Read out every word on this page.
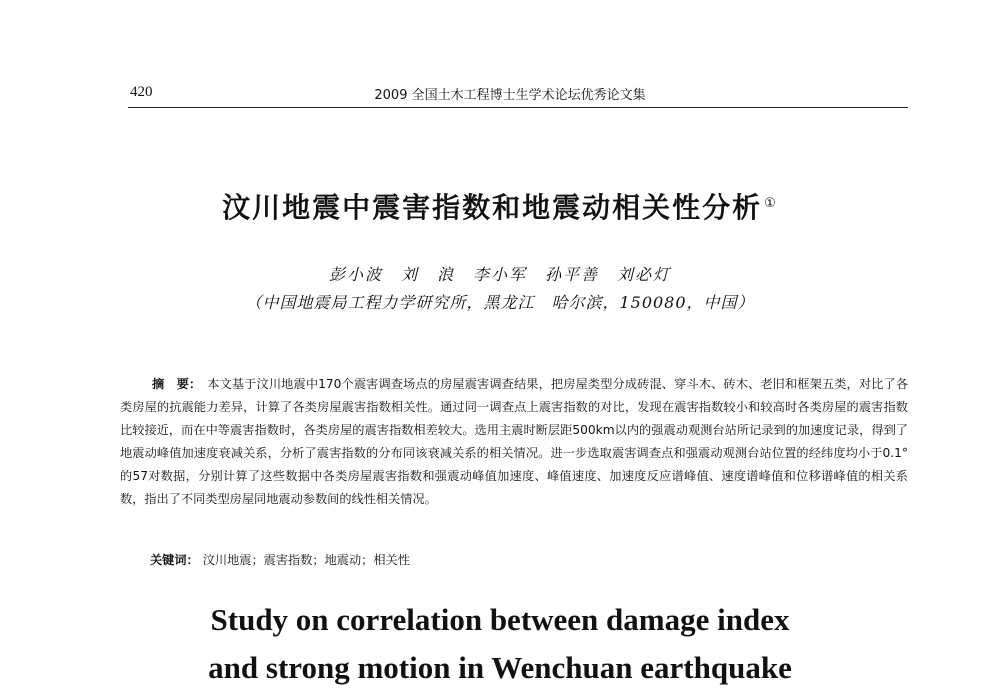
420	2009 全国土木工程博士生学术论坛优秀论文集
汶川地震中震害指数和地震动相关性分析 ①
彭小波　刘　浪　李小军　孙平善　刘必灯
（中国地震局工程力学研究所，黑龙江　哈尔滨，150080，中国）
摘　要： 本文基于汶川地震中170个震害调查场点的房屋震害调查结果，把房屋类型分成砖混、穿斗木、砖木、老旧和框架五类，对比了各类房屋的抗震能力差异，计算了各类房屋震害指数相关性。通过同一调查点上震害指数的对比，发现在震害指数较小和较高时各类房屋的震害指数比较接近，而在中等震害指数时，各类房屋的震害指数相差较大。选用主震时断层距500km以内的强震动观测台站所记录到的加速度记录，得到了地震动峰值加速度衰减关系，分析了震害指数的分布同该衰减关系的相关情况。进一步选取震害调查点和强震动观测台站位置的经纬度均小于0.1°的57对数据，分别计算了这些数据中各类房屋震害指数和强震动峰值加速度、峰值速度、加速度反应谱峰值、速度谱峰值和位移谱峰值的相关系数，指出了不同类型房屋同地震动参数间的线性相关情况。
关键词： 汶川地震；震害指数；地震动；相关性
Study on correlation between damage index
and strong motion in Wenchuan earthquake
